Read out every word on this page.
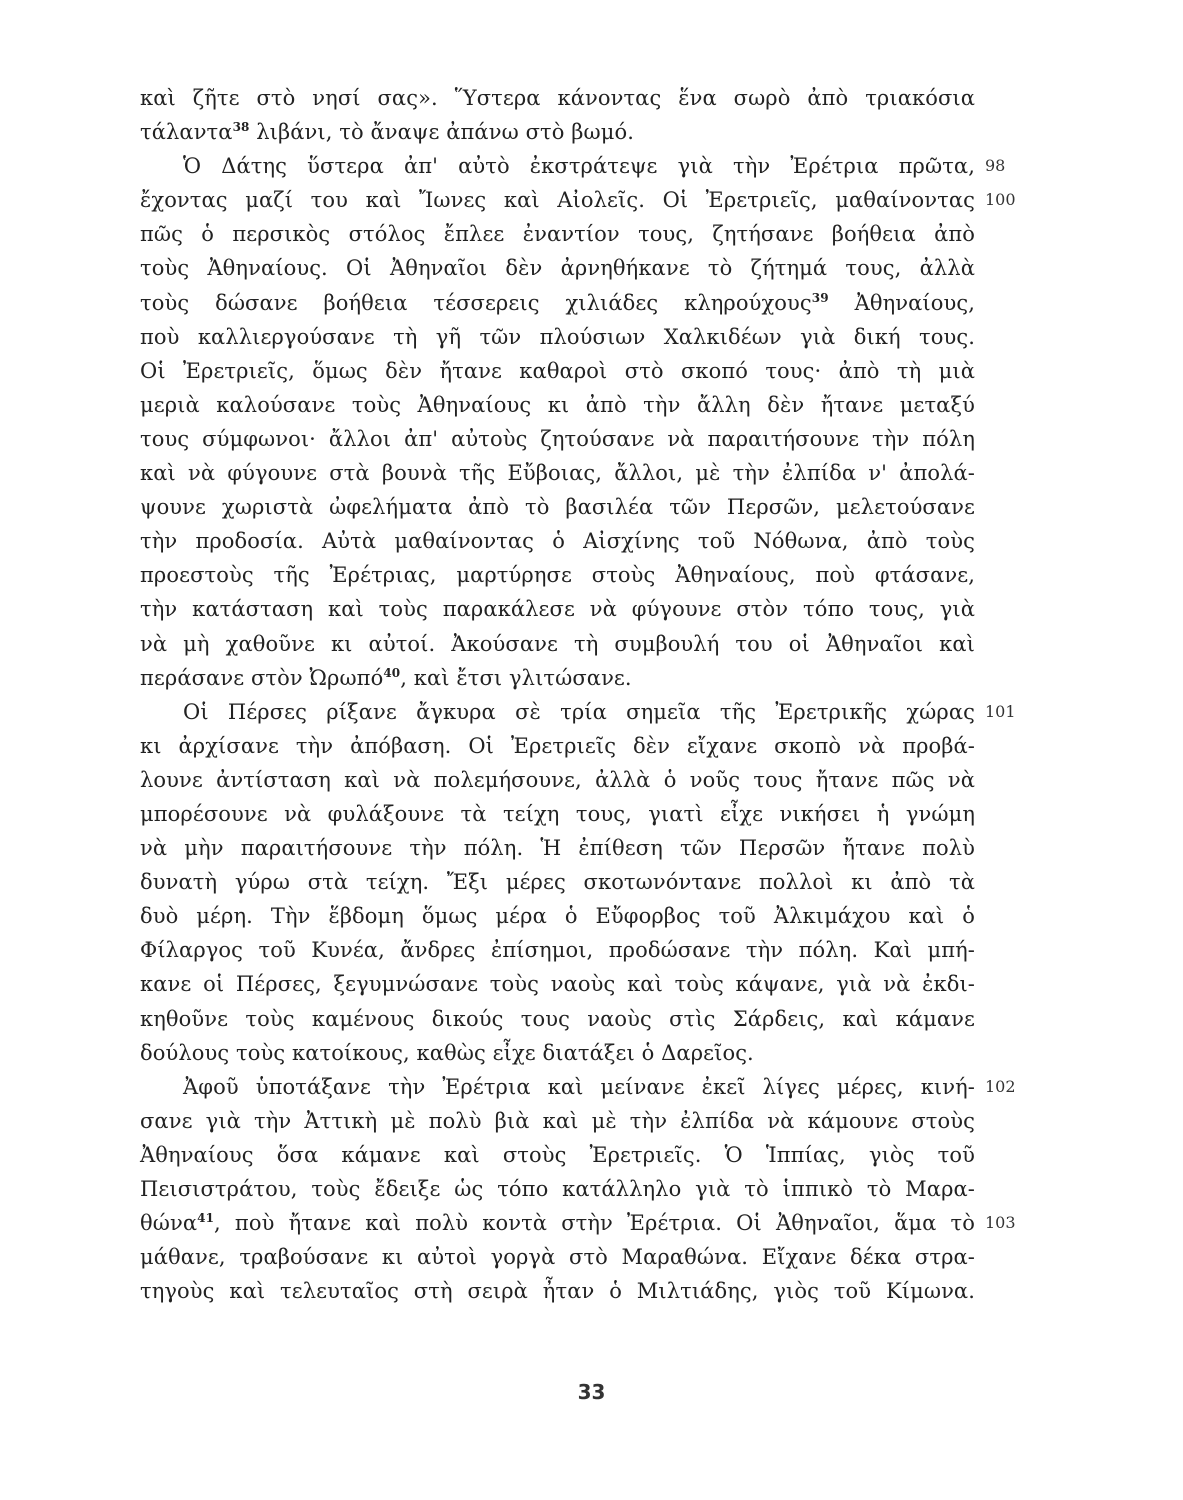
καὶ ζῆτε στὸ νησί σας». Ὕστερα κάνοντας ἕνα σωρὸ ἀπὸ τριακόσια
τάλαντα$^{38}$ λιβάνι, τὸ ἄναψε ἀπάνω στὸ βωμό.
Ὁ Δάτης ὕστερα ἀπ' αὐτὸ ἐκστράτεψε γιὰ τὴν Ἐρέτρια πρῶτα, 98
ἔχοντας μαζί του καὶ Ἴωνες καὶ Αἰολεῖς. Οἱ Ἐρετριεῖς, μαθαίνοντας 100
πῶς ὁ περσικὸς στόλος ἔπλεε ἐναντίον τους, ζητήσανε βοήθεια ἀπὸ
τοὺς Ἀθηναίους. Οἱ Ἀθηναῖοι δὲν ἀρνηθήκανε τὸ ζήτημά τους, ἀλλὰ
τοὺς δώσανε βοήθεια τέσσερεις χιλιάδες κληρούχους$^{39}$ Ἀθηναίους,
ποὺ καλλιεργούσανε τὴ γῆ τῶν πλούσιων Χαλκιδέων γιὰ δική τους.
Οἱ Ἐρετριεῖς, ὅμως δὲν ἤτανε καθαροὶ στὸ σκοπό τους· ἀπὸ τὴ μιὰ
μεριὰ καλούσανε τοὺς Ἀθηναίους κι ἀπὸ τὴν ἄλλη δὲν ἤτανε μεταξύ
τους σύμφωνοι· ἄλλοι ἀπ' αὐτοὺς ζητούσανε νὰ παραιτήσουνε τὴν πόλη
καὶ νὰ φύγουνε στὰ βουνὰ τῆς Εὔβοιας, ἄλλοι, μὲ τὴν ἐλπίδα ν' ἀπολά-
ψουνε χωριστὰ ὠφελήματα ἀπὸ τὸ βασιλέα τῶν Περσῶν, μελετούσανε
τὴν προδοσία. Αὐτὰ μαθαίνοντας ὁ Αἰσχίνης τοῦ Νόθωνα, ἀπὸ τοὺς
προεστοὺς τῆς Ἐρέτριας, μαρτύρησε στοὺς Ἀθηναίους, ποὺ φτάσανε,
τὴν κατάσταση καὶ τοὺς παρακάλεσε νὰ φύγουνε στὸν τόπο τους, γιὰ
νὰ μὴ χαθοῦνε κι αὐτοί. Ἀκούσανε τὴ συμβουλή του οἱ Ἀθηναῖοι καὶ
περάσανε στὸν Ὠρωπό$^{40}$, καὶ ἔτσι γλιτώσανε.
Οἱ Πέρσες ρίξανε ἄγκυρα σὲ τρία σημεῖα τῆς Ἐρετρικῆς χώρας 101
κι ἀρχίσανε τὴν ἀπόβαση. Οἱ Ἐρετριεῖς δὲν εἴχανε σκοπὸ νὰ προβά-
λουνε ἀντίσταση καὶ νὰ πολεμήσουνε, ἀλλὰ ὁ νοῦς τους ἤτανε πῶς νὰ
μπορέσουνε νὰ φυλάξουνε τὰ τείχη τους, γιατὶ εἶχε νικήσει ἡ γνώμη
νὰ μὴν παραιτήσουνε τὴν πόλη. Ἡ ἐπίθεση τῶν Περσῶν ἤτανε πολὺ
δυνατὴ γύρω στὰ τείχη. Ἔξι μέρες σκοτωνόντανε πολλοὶ κι ἀπὸ τὰ
δυὸ μέρη. Τὴν ἕβδομη ὅμως μέρα ὁ Εὔφορβος τοῦ Ἀλκιμάχου καὶ ὁ
Φίλαργος τοῦ Κυνέα, ἄνδρες ἐπίσημοι, προδώσανε τὴν πόλη. Καὶ μπή-
κανε οἱ Πέρσες, ξεγυμνώσανε τοὺς ναοὺς καὶ τοὺς κάψανε, γιὰ νὰ ἐκδι-
κηθοῦνε τοὺς καμένους δικούς τους ναοὺς στὶς Σάρδεις, καὶ κάμανε
δούλους τοὺς κατοίκους, καθὼς εἶχε διατάξει ὁ Δαρεῖος.
Ἀφοῦ ὑποτάξανε τὴν Ἐρέτρια καὶ μείνανε ἐκεῖ λίγες μέρες, κινή- 102
σανε γιὰ τὴν Ἀττικὴ μὲ πολὺ βιὰ καὶ μὲ τὴν ἐλπίδα νὰ κάμουνε στοὺς
Ἀθηναίους ὅσα κάμανε καὶ στοὺς Ἐρετριεῖς. Ὁ Ἱππίας, γιὸς τοῦ
Πεισιστράτου, τοὺς ἔδειξε ὡς τόπο κατάλληλο γιὰ τὸ ἱππικὸ τὸ Μαρα-
θώνα$^{41}$, ποὺ ἤτανε καὶ πολὺ κοντὰ στὴν Ἐρέτρια. Οἱ Ἀθηναῖοι, ἅμα τὸ 103
μάθανε, τραβούσανε κι αὐτοὶ γοργὰ στὸ Μαραθώνα. Εἴχανε δέκα στρα-
τηγοὺς καὶ τελευταῖος στὴ σειρὰ ἦταν ὁ Μιλτιάδης, γιὸς τοῦ Κίμωνα.
33
